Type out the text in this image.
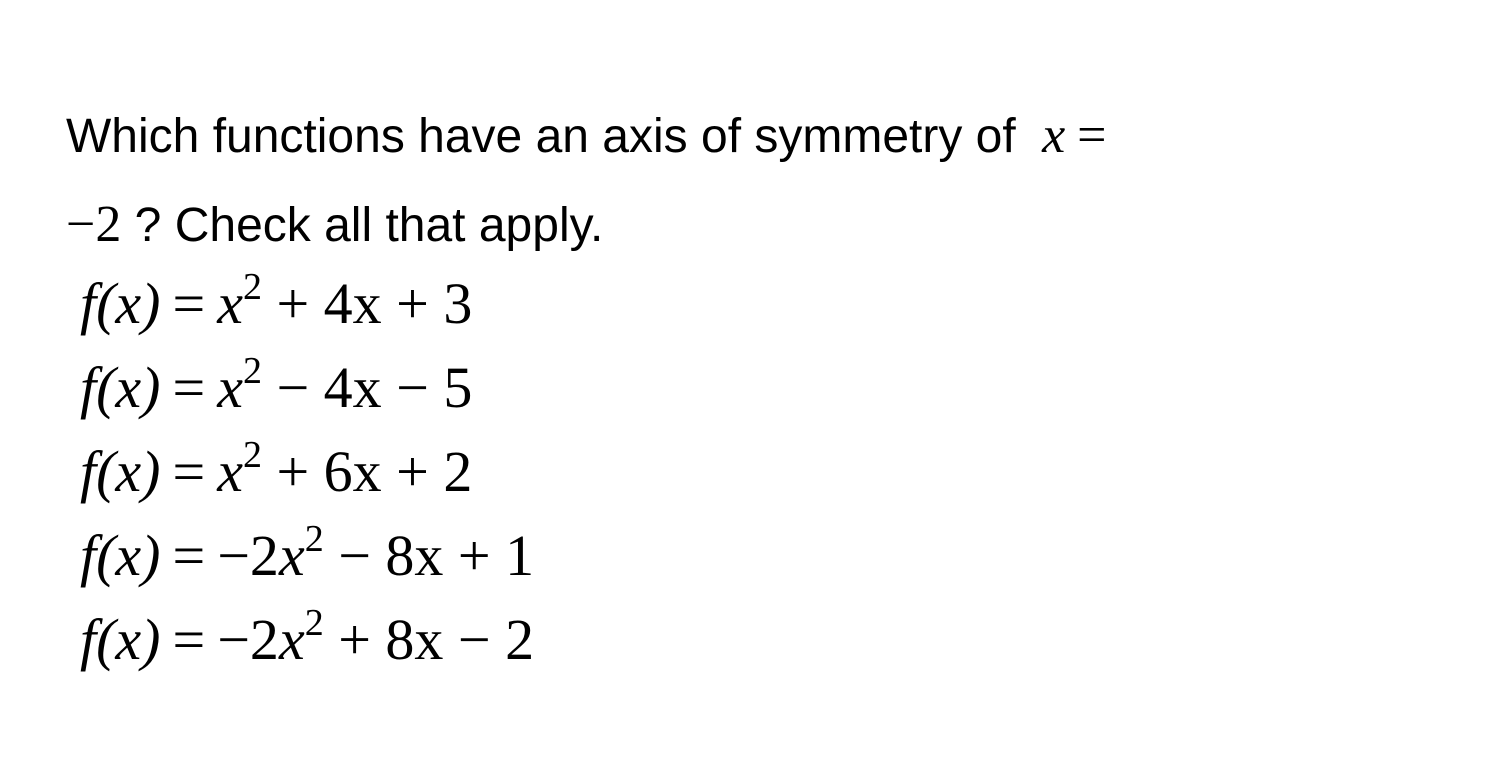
Which functions have an axis of symmetry of x =
−2 ? Check all that apply.
$f(x) = x^2 + 4x + 3$
$f(x) = x^2 - 4x - 5$
$f(x) = x^2 + 6x + 2$
$f(x) = -2x^2 - 8x + 1$
$f(x) = -2x^2 + 8x - 2$
